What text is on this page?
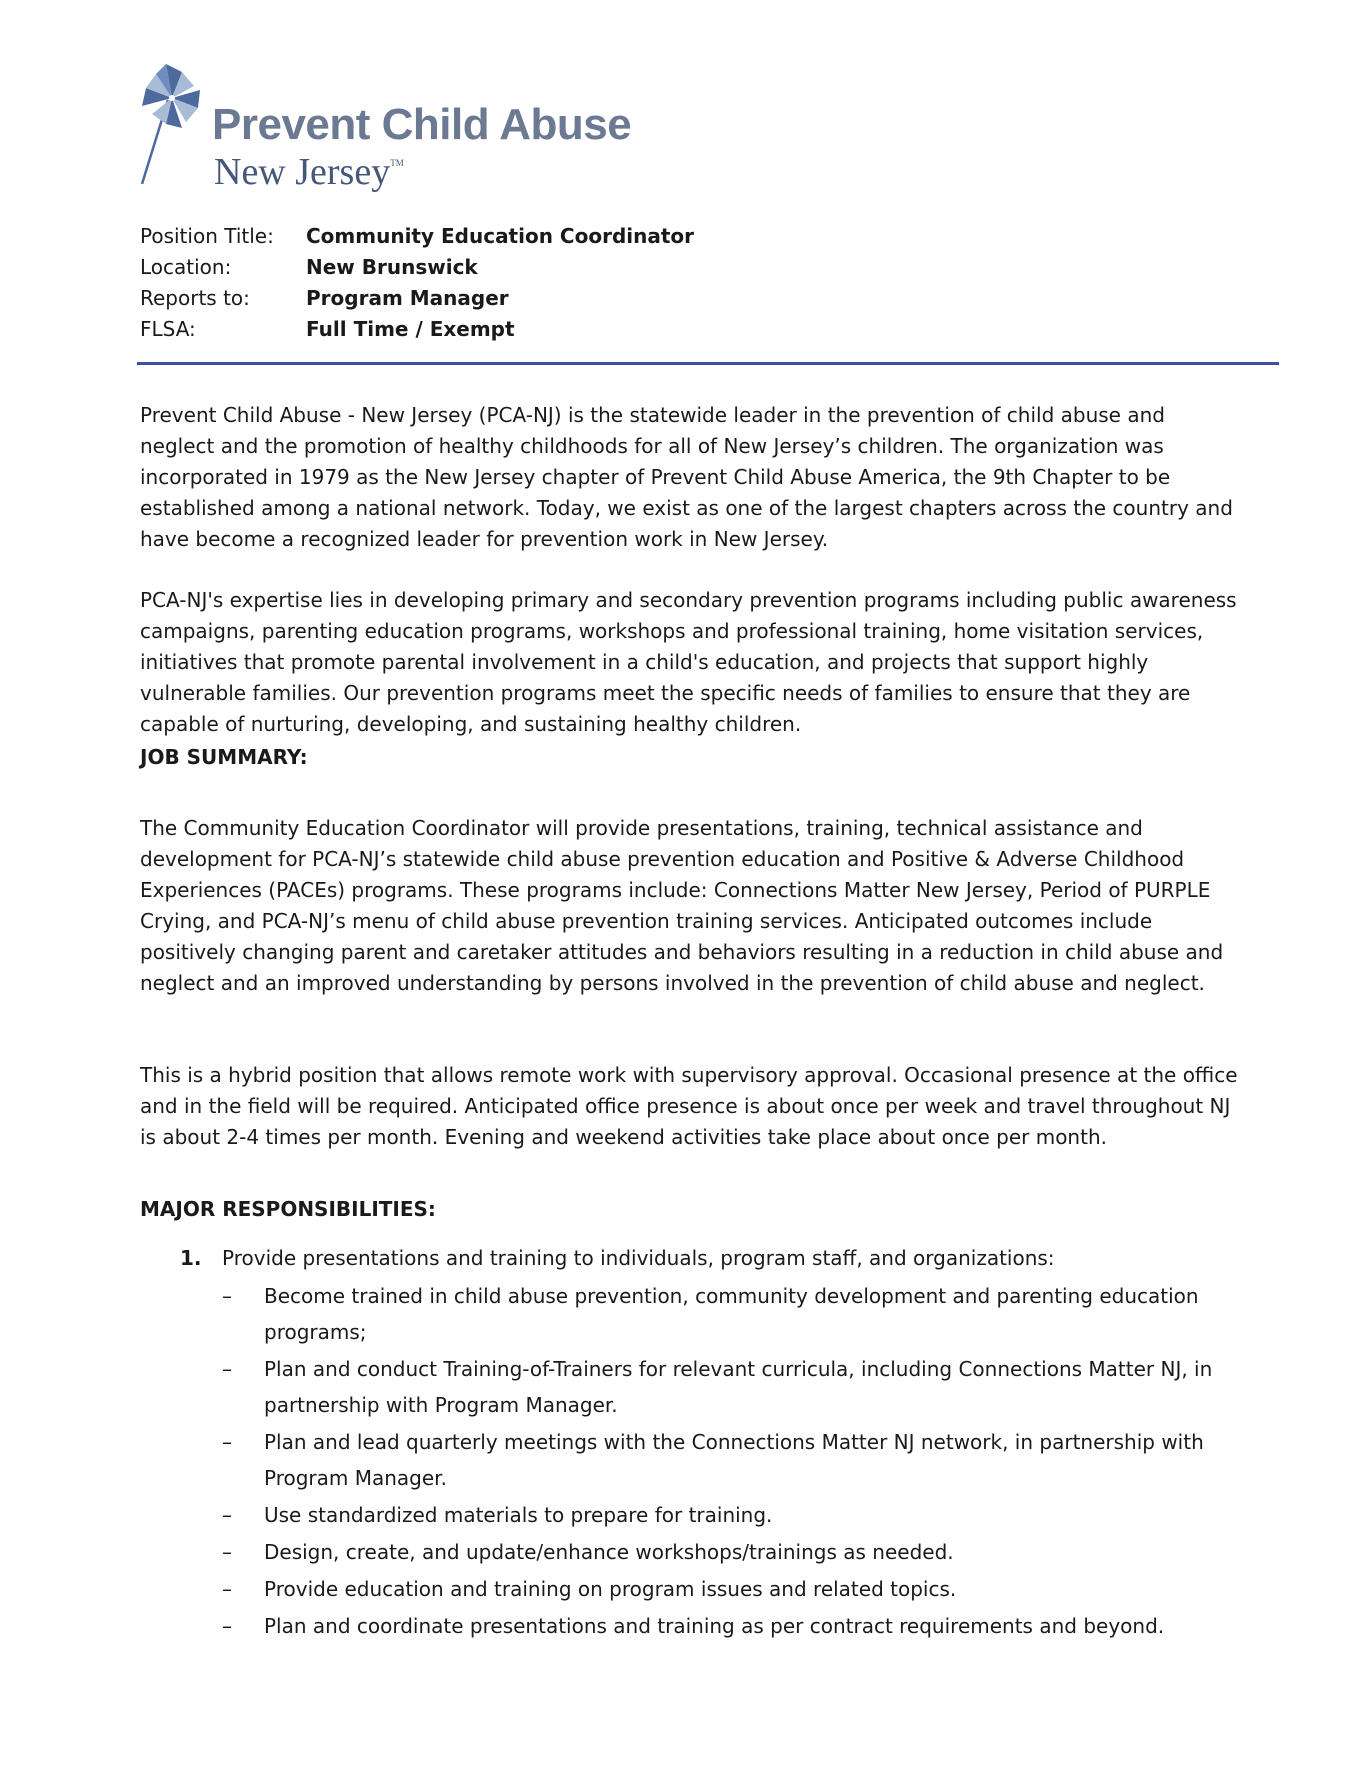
Prevent Child Abuse
New Jersey™
Position Title: Community Education Coordinator
Location:	New Brunswick
Reports to:	Program Manager
FLSA:	Full Time / Exempt

Prevent Child Abuse - New Jersey (PCA-NJ) is the statewide leader in the prevention of child abuse and neglect and the promotion of healthy childhoods for all of New Jersey’s children. The organization was incorporated in 1979 as the New Jersey chapter of Prevent Child Abuse America, the 9th Chapter to be established among a national network. Today, we exist as one of the largest chapters across the country and have become a recognized leader for prevention work in New Jersey.

PCA-NJ's expertise lies in developing primary and secondary prevention programs including public awareness campaigns, parenting education programs, workshops and professional training, home visitation services, initiatives that promote parental involvement in a child's education, and projects that support highly vulnerable families. Our prevention programs meet the specific needs of families to ensure that they are capable of nurturing, developing, and sustaining healthy children.

JOB SUMMARY:

The Community Education Coordinator will provide presentations, training, technical assistance and development for PCA-NJ’s statewide child abuse prevention education and Positive & Adverse Childhood Experiences (PACEs) programs. These programs include: Connections Matter New Jersey, Period of PURPLE Crying, and PCA-NJ’s menu of child abuse prevention training services. Anticipated outcomes include positively changing parent and caretaker attitudes and behaviors resulting in a reduction in child abuse and neglect and an improved understanding by persons involved in the prevention of child abuse and neglect.

This is a hybrid position that allows remote work with supervisory approval. Occasional presence at the office and in the field will be required. Anticipated office presence is about once per week and travel throughout NJ is about 2-4 times per month. Evening and weekend activities take place about once per month.

MAJOR RESPONSIBILITIES:
1. Provide presentations and training to individuals, program staff, and organizations:
– Become trained in child abuse prevention, community development and parenting education programs;
– Plan and conduct Training-of-Trainers for relevant curricula, including Connections Matter NJ, in partnership with Program Manager.
– Plan and lead quarterly meetings with the Connections Matter NJ network, in partnership with Program Manager.
– Use standardized materials to prepare for training.
– Design, create, and update/enhance workshops/trainings as needed.
– Provide education and training on program issues and related topics.
– Plan and coordinate presentations and training as per contract requirements and beyond.
